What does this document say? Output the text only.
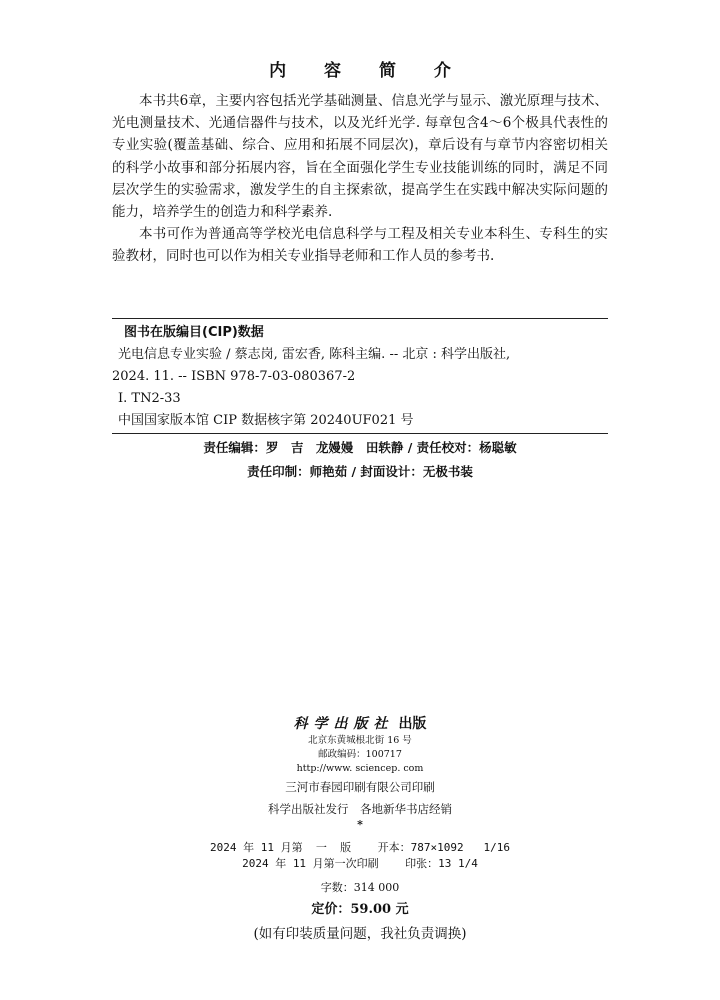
内 容 简 介

本书共6章，主要内容包括光学基础测量、信息光学与显示、激光原理与技术、光电测量技术、光通信器件与技术，以及光纤光学. 每章包含4～6个极具代表性的专业实验(覆盖基础、综合、应用和拓展不同层次)，章后设有与章节内容密切相关的科学小故事和部分拓展内容，旨在全面强化学生专业技能训练的同时，满足不同层次学生的实验需求，激发学生的自主探索欲，提高学生在实践中解决实际问题的能力，培养学生的创造力和科学素养.

本书可作为普通高等学校光电信息科学与工程及相关专业本科生、专科生的实验教材，同时也可以作为相关专业指导老师和工作人员的参考书.

图书在版编目(CIP)数据
光电信息专业实验 / 蔡志岗, 雷宏香, 陈科主编. -- 北京 : 科学出版社,
2024. 11. -- ISBN 978-7-03-080367-2
Ⅰ. TN2-33
中国国家版本馆 CIP 数据核字第 20240UF021 号
责任编辑：罗　吉　龙嫚嫚　田轶静 / 责任校对：杨聪敏
责任印制：师艳茹 / 封面设计：无极书装
科学出版社 出版
北京东黄城根北街 16 号
邮政编码：100717
http://www. sciencep. com
三河市春园印刷有限公司印刷
科学出版社发行　各地新华书店经销
*
2024 年 11 月第  一  版    开本：787×1092   1/16
2024 年 11 月第一次印刷    印张：13 1/4
字数：314 000
定价：59.00 元
(如有印装质量问题，我社负责调换)
